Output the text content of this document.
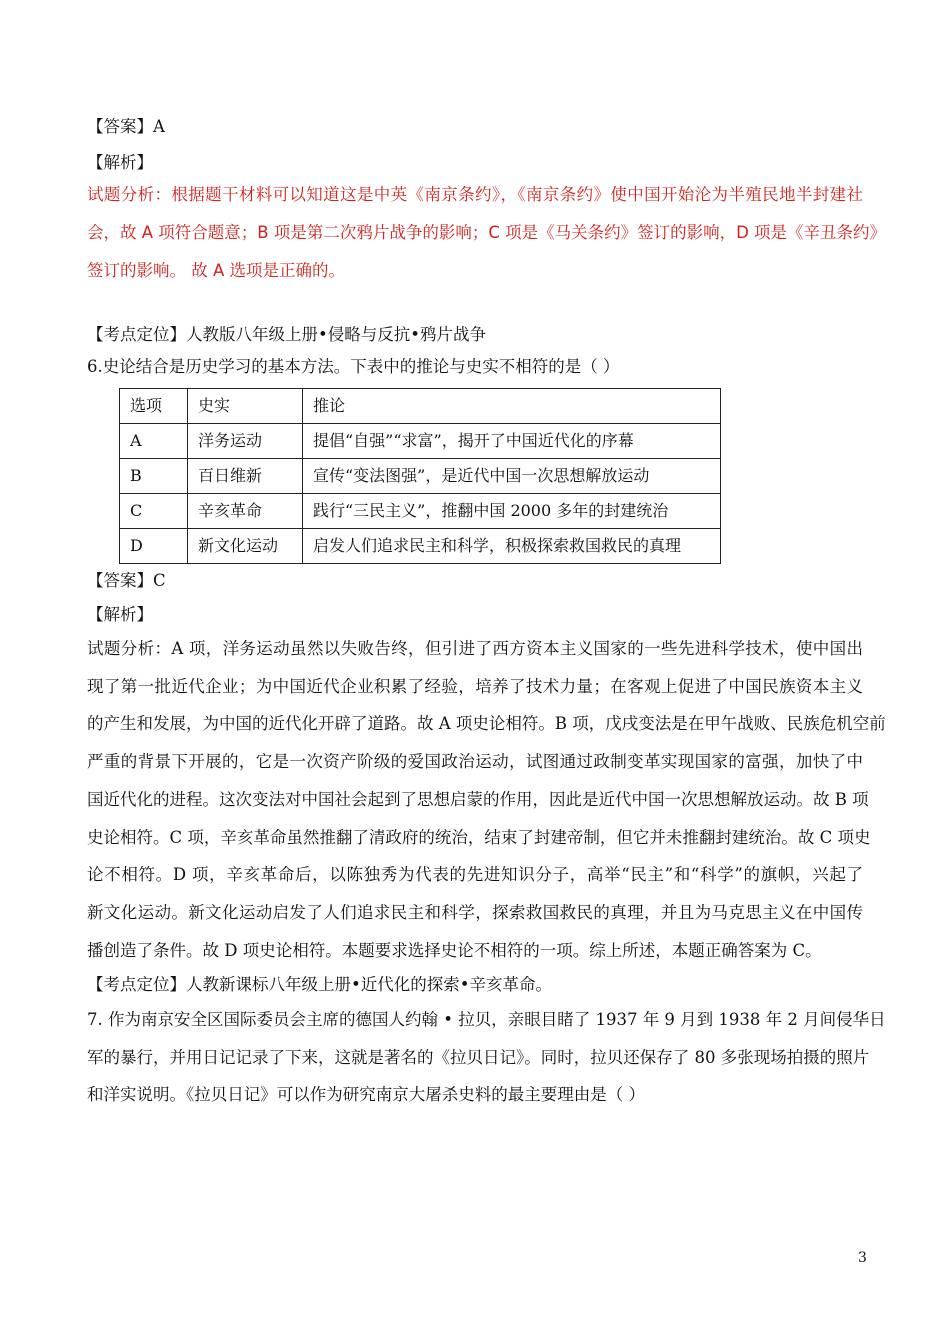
【答案】A
【解析】
试题分析：根据题干材料可以知道这是中英《南京条约》，《南京条约》使中国开始沦为半殖民地半封建社
会，故 A 项符合题意；B 项是第二次鸦片战争的影响；C 项是《马关条约》签订的影响，D 项是《辛丑条约》
签订的影响。 故 A 选项是正确的。
【考点定位】人教版八年级上册•侵略与反抗•鸦片战争
6.史论结合是历史学习的基本方法。下表中的推论与史实不相符的是（ ）
选项	史实	推论
A	洋务运动	提倡“自强”“求富”，揭开了中国近代化的序幕
B	百日维新	宣传“变法图强”，是近代中国一次思想解放运动
C	辛亥革命	践行“三民主义”，推翻中国 2000 多年的封建统治
D	新文化运动	启发人们追求民主和科学，积极探索救国救民的真理
【答案】C
【解析】
试题分析：A 项，洋务运动虽然以失败告终，但引进了西方资本主义国家的一些先进科学技术，使中国出
现了第一批近代企业；为中国近代企业积累了经验，培养了技术力量；在客观上促进了中国民族资本主义
的产生和发展，为中国的近代化开辟了道路。故 A 项史论相符。B 项，戊戌变法是在甲午战败、民族危机空前
严重的背景下开展的，它是一次资产阶级的爱国政治运动，试图通过政制变革实现国家的富强，加快了中
国近代化的进程。这次变法对中国社会起到了思想启蒙的作用，因此是近代中国一次思想解放运动。故 B 项
史论相符。C 项，辛亥革命虽然推翻了清政府的统治，结束了封建帝制，但它并未推翻封建统治。故 C 项史
论不相符。D 项，辛亥革命后，以陈独秀为代表的先进知识分子，高举“民主”和“科学”的旗帜，兴起了
新文化运动。新文化运动启发了人们追求民主和科学，探索救国救民的真理，并且为马克思主义在中国传
播创造了条件。故 D 项史论相符。本题要求选择史论不相符的一项。综上所述，本题正确答案为 C。
【考点定位】人教新课标八年级上册•近代化的探索•辛亥革命。
7. 作为南京安全区国际委员会主席的德国人约翰 • 拉贝，亲眼目睹了 1937 年 9 月到 1938 年 2 月间侵华日
军的暴行，并用日记记录了下来，这就是著名的《拉贝日记》。同时，拉贝还保存了 80 多张现场拍摄的照片
和洋实说明。《拉贝日记》可以作为研究南京大屠杀史料的最主要理由是（ ）
3
